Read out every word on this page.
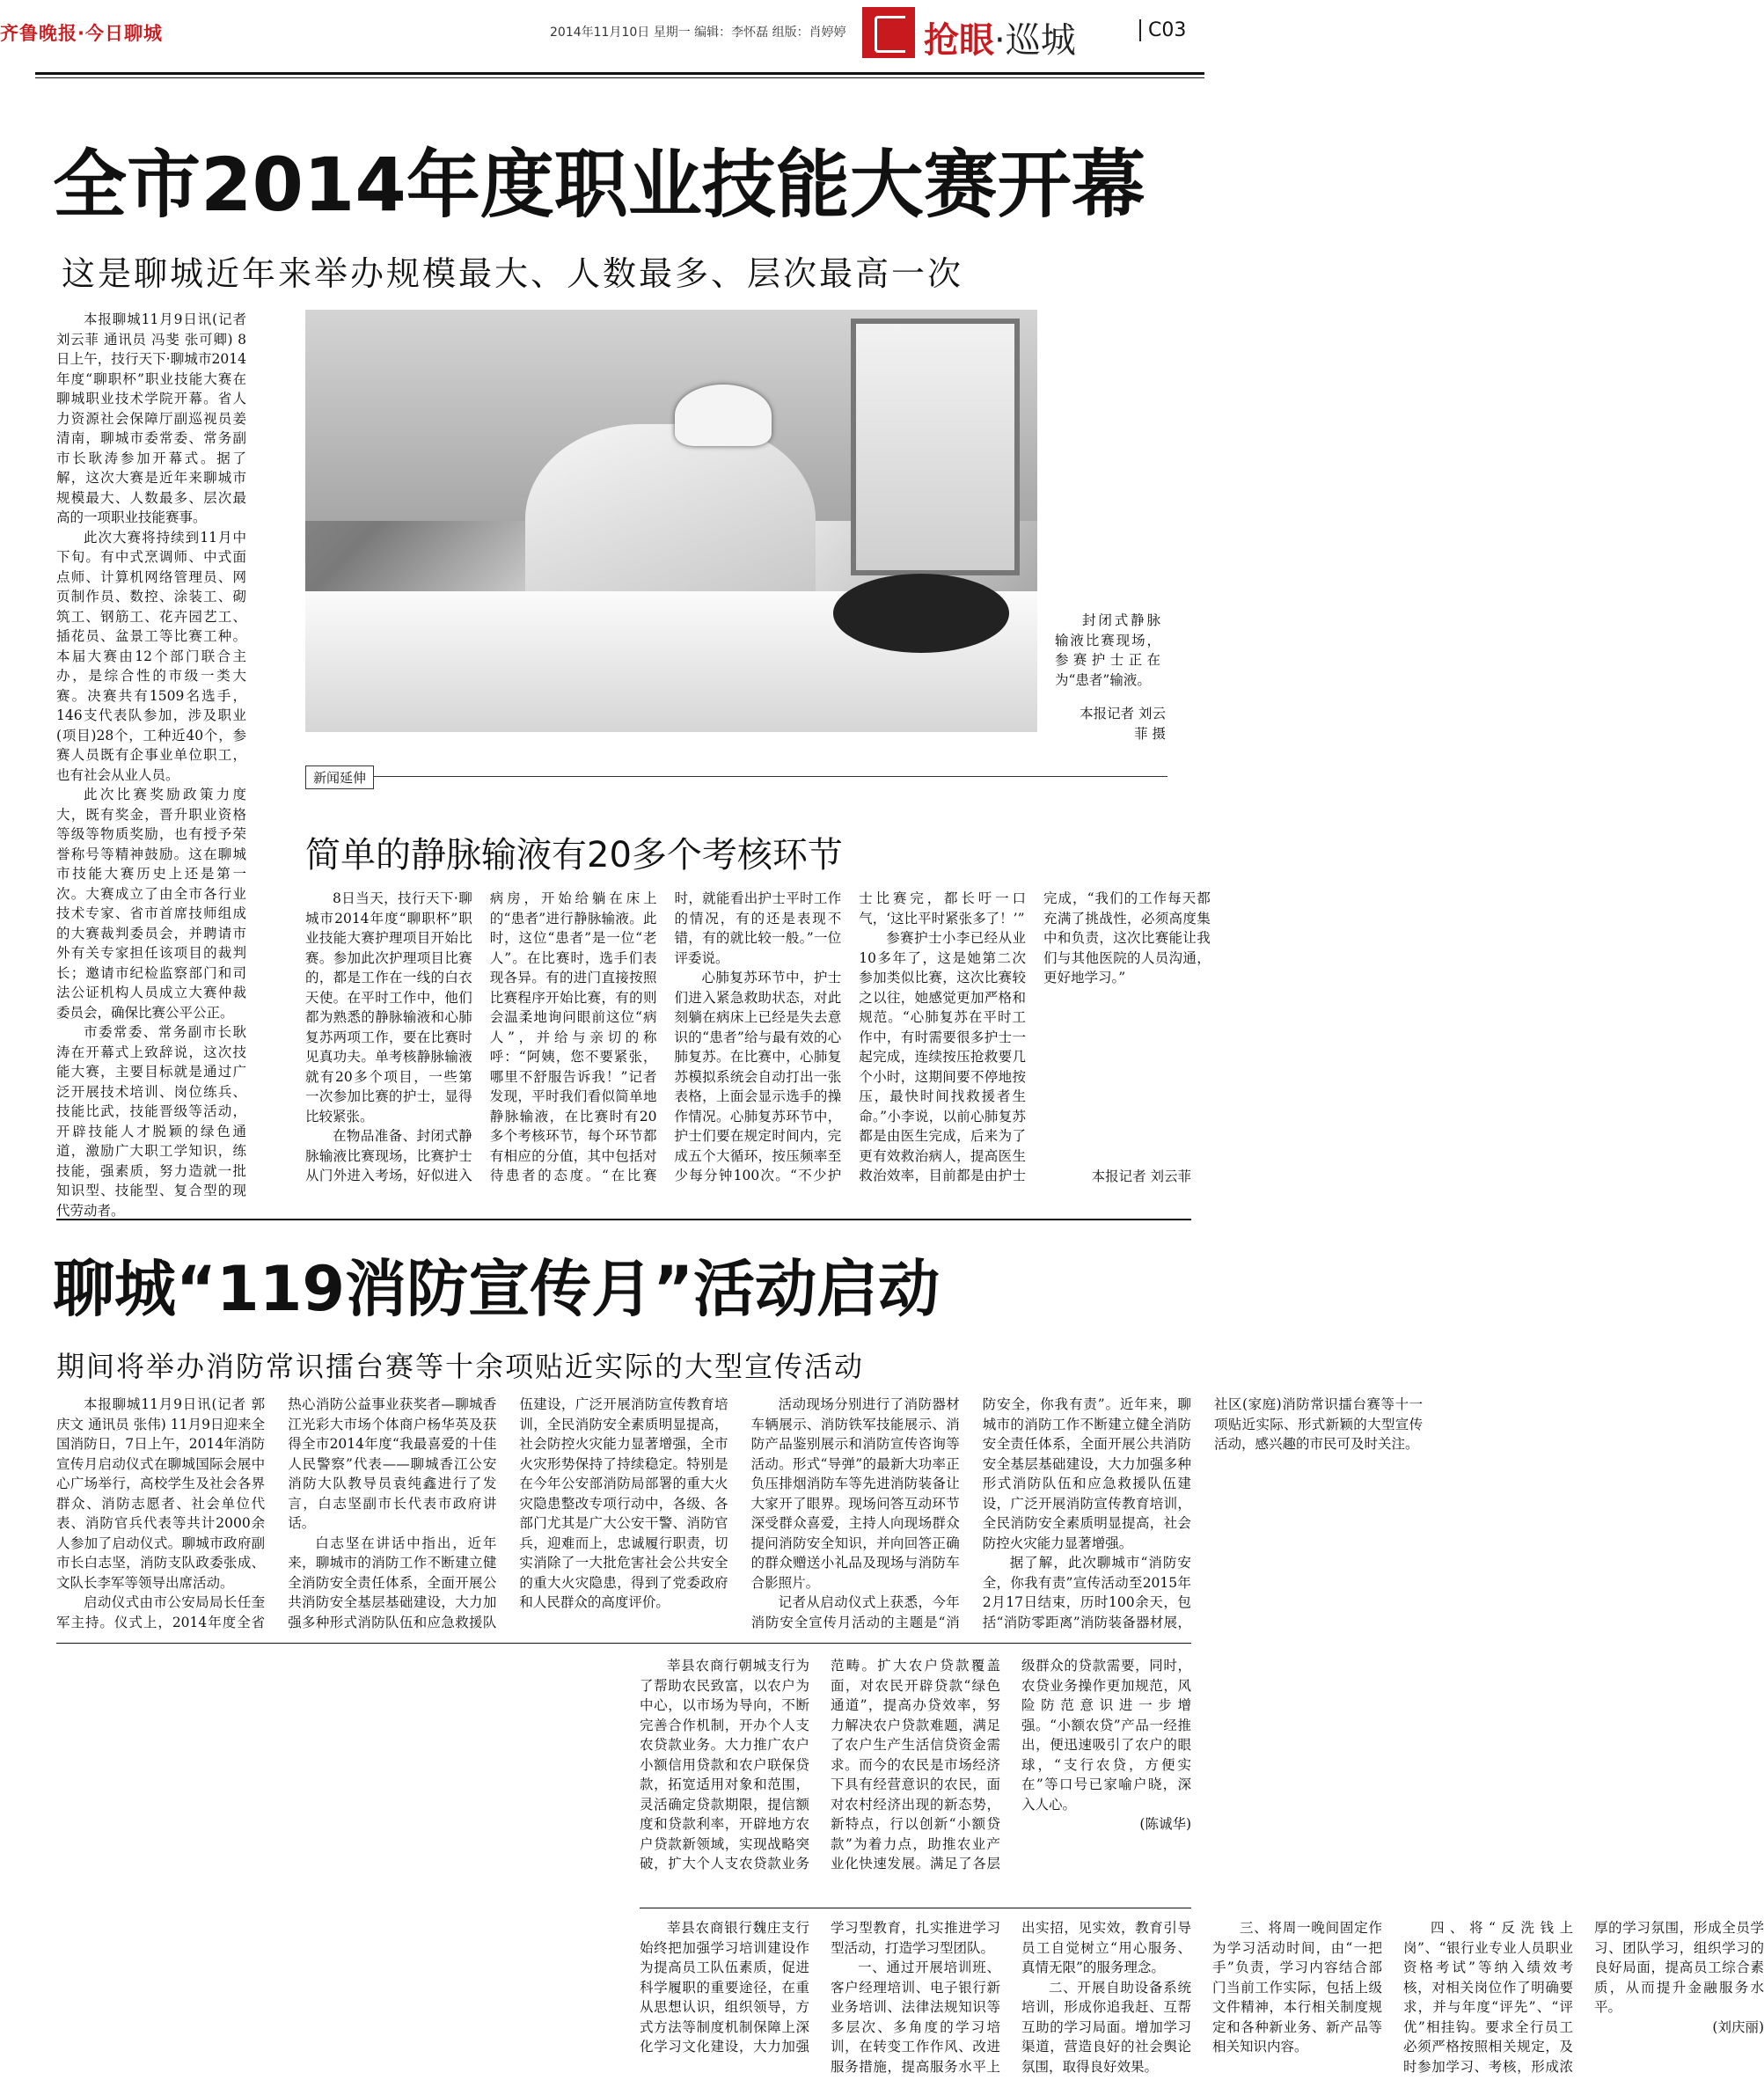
齐鲁晚报·今日聊城	2014年11月10日 星期一 编辑：李怀磊 组版：肖婷婷 抢眼·巡城	C03
全市2014年度职业技能大赛开幕
这是聊城近年来举办规模最大、人数最多、层次最高一次

本报聊城11月9日讯(记者 刘云菲 通讯员 冯斐 张可卿) 8日上午，技行天下·聊城市2014年度“聊职杯”职业技能大赛在聊城职业技术学院开幕。省人力资源社会保障厅副巡视员姜清南，聊城市委常委、常务副市长耿涛参加开幕式。据了解，这次大赛是近年来聊城市规模最大、人数最多、层次最高的一项职业技能赛事。

此次大赛将持续到11月中下旬。有中式烹调师、中式面点师、计算机网络管理员、网页制作员、数控、涂装工、砌筑工、钢筋工、花卉园艺工、插花员、盆景工等比赛工种。本届大赛由12个部门联合主办，是综合性的市级一类大赛。决赛共有1509名选手，146支代表队参加，涉及职业(项目)28个，工种近40个，参赛人员既有企事业单位职工，也有社会从业人员。

此次比赛奖励政策力度大，既有奖金，晋升职业资格等级等物质奖励，也有授予荣誉称号等精神鼓励。这在聊城市技能大赛历史上还是第一次。大赛成立了由全市各行业技术专家、省市首席技师组成的大赛裁判委员会，并聘请市外有关专家担任该项目的裁判长；邀请市纪检监察部门和司法公证机构人员成立大赛仲裁委员会，确保比赛公平公正。

市委常委、常务副市长耿涛在开幕式上致辞说，这次技能大赛，主要目标就是通过广泛开展技术培训、岗位练兵、技能比武，技能晋级等活动，开辟技能人才脱颖的绿色通道，激励广大职工学知识，练技能，强素质，努力造就一批知识型、技能型、复合型的现代劳动者。

封闭式静脉输液比赛现场，参赛护士正在为“患者”输液。
本报记者 刘云菲 摄
新闻延伸
简单的静脉输液有20多个考核环节

8日当天，技行天下·聊城市2014年度“聊职杯”职业技能大赛护理项目开始比赛。参加此次护理项目比赛的，都是工作在一线的白衣天使。在平时工作中，他们都为熟悉的静脉输液和心肺复苏两项工作，要在比赛时见真功夫。单考核静脉输液就有20多个项目，一些第一次参加比赛的护士，显得比较紧张。

在物品准备、封闭式静脉输液比赛现场，比赛护士从门外进入考场，好似进入病房，开始给躺在床上的“患者”进行静脉输液。此时，这位“患者”是一位“老人”。在比赛时，选手们表现各异。有的进门直接按照比赛程序开始比赛，有的则会温柔地询问眼前这位“病人”，并给与亲切的称呼：“阿姨，您不要紧张，哪里不舒服告诉我！”记者发现，平时我们看似简单地静脉输液，在比赛时有20多个考核环节，每个环节都有相应的分值，其中包括对待患者的态度。“在比赛时，就能看出护士平时工作的情况，有的还是表现不错，有的就比较一般。”一位评委说。

心肺复苏环节中，护士们进入紧急救助状态，对此刻躺在病床上已经是失去意识的“患者”给与最有效的心肺复苏。在比赛中，心肺复苏模拟系统会自动打出一张表格，上面会显示选手的操作情况。心肺复苏环节中，护士们要在规定时间内，完成五个大循环，按压频率至少每分钟100次。“不少护士比赛完，都长吁一口气，‘这比平时紧张多了！’”

参赛护士小李已经从业10多年了，这是她第二次参加类似比赛，这次比赛较之以往，她感觉更加严格和规范。“心肺复苏在平时工作中，有时需要很多护士一起完成，连续按压抢救要几个小时，这期间要不停地按压，最快时间找救援者生命。”小李说，以前心肺复苏都是由医生完成，后来为了更有效救治病人，提高医生救治效率，目前都是由护士完成，“我们的工作每天都充满了挑战性，必须高度集中和负责，这次比赛能让我们与其他医院的人员沟通，更好地学习。”

本报记者 刘云菲

聊城“119消防宣传月”活动启动
期间将举办消防常识擂台赛等十余项贴近实际的大型宣传活动

本报聊城11月9日讯(记者 郭庆文 通讯员 张伟) 11月9日迎来全国消防日，7日上午，2014年消防宣传月启动仪式在聊城国际会展中心广场举行，高校学生及社会各界群众、消防志愿者、社会单位代表、消防官兵代表等共计2000余人参加了启动仪式。聊城市政府副市长白志坚，消防支队政委张成、文队长李军等领导出席活动。

启动仪式由市公安局局长任奎军主持。仪式上，2014年度全省热心消防公益事业获奖者—聊城香江光彩大市场个体商户杨华英及获得全市2014年度“我最喜爱的十佳人民警察”代表——聊城香江公安消防大队教导员袁纯鑫进行了发言，白志坚副市长代表市政府讲话。

白志坚在讲话中指出，近年来，聊城市的消防工作不断建立健全消防安全责任体系，全面开展公共消防安全基层基础建设，大力加强多种形式消防队伍和应急救援队伍建设，广泛开展消防宣传教育培训，全民消防安全素质明显提高，社会防控火灾能力显著增强，全市火灾形势保持了持续稳定。特别是在今年公安部消防局部署的重大火灾隐患整改专项行动中，各级、各部门尤其是广大公安干警、消防官兵，迎难而上，忠诚履行职责，切实消除了一大批危害社会公共安全的重大火灾隐患，得到了党委政府和人民群众的高度评价。

活动现场分别进行了消防器材车辆展示、消防铁军技能展示、消防产品鉴别展示和消防宣传咨询等活动。形式“导弹”的最新大功率正负压排烟消防车等先进消防装备让大家开了眼界。现场问答互动环节深受群众喜爱，主持人向现场群众提问消防安全知识，并向回答正确的群众赠送小礼品及现场与消防车合影照片。

记者从启动仪式上获悉，今年消防安全宣传月活动的主题是“消防安全，你我有责”。近年来，聊城市的消防工作不断建立健全消防安全责任体系，全面开展公共消防安全基层基础建设，大力加强多种形式消防队伍和应急救援队伍建设，广泛开展消防宣传教育培训，全民消防安全素质明显提高，社会防控火灾能力显著增强。

据了解，此次聊城市“消防安全，你我有责”宣传活动至2015年2月17日结束，历时100余天，包括“消防零距离”消防装备器材展，社区(家庭)消防常识擂台赛等十一项贴近实际、形式新颖的大型宣传活动，感兴趣的市民可及时关注。

莘县农商行朝城支行为了帮助农民致富，以农户为中心，以市场为导向，不断完善合作机制，开办个人支农贷款业务。大力推广农户小额信用贷款和农户联保贷款，拓宽适用对象和范围，灵活确定贷款期限，提信额度和贷款利率，开辟地方农户贷款新领域，实现战略突破，扩大个人支农贷款业务范畴。扩大农户贷款覆盖面，对农民开辟贷款“绿色通道”，提高办贷效率，努力解决农户贷款难题，满足了农户生产生活信贷资金需求。而今的农民是市场经济下具有经营意识的农民，面对农村经济出现的新态势，新特点，行以创新“小额贷款”为着力点，助推农业产业化快速发展。满足了各层级群众的贷款需要，同时，农贷业务操作更加规范，风险防范意识进一步增强。“小额农贷”产品一经推出，便迅速吸引了农户的眼球，“支行农贷，方便实在”等口号已家喻户晓，深入人心。

(陈诚华)

莘县农商银行魏庄支行始终把加强学习培训建设作为提高员工队伍素质，促进科学履职的重要途径，在重从思想认识，组织领导，方式方法等制度机制保障上深化学习文化建设，大力加强学习型教育，扎实推进学习型活动，打造学习型团队。

一、通过开展培训班、客户经理培训、电子银行新业务培训、法律法规知识等多层次、多角度的学习培训，在转变工作作风、改进服务措施，提高服务水平上出实招，见实效，教育引导员工自觉树立“用心服务、真情无限”的服务理念。

二、开展自助设备系统培训，形成你追我赶、互帮互助的学习局面。增加学习渠道，营造良好的社会舆论氛围，取得良好效果。

三、将周一晚间固定作为学习活动时间，由“一把手”负责，学习内容结合部门当前工作实际，包括上级文件精神，本行相关制度规定和各种新业务、新产品等相关知识内容。

四、将“反洗钱上岗”、“银行业专业人员职业资格考试”等纳入绩效考核，对相关岗位作了明确要求，并与年度“评先”、“评优”相挂钩。要求全行员工必须严格按照相关规定，及时参加学习、考核，形成浓厚的学习氛围，形成全员学习、团队学习，组织学习的良好局面，提高员工综合素质，从而提升金融服务水平。

(刘庆丽)
